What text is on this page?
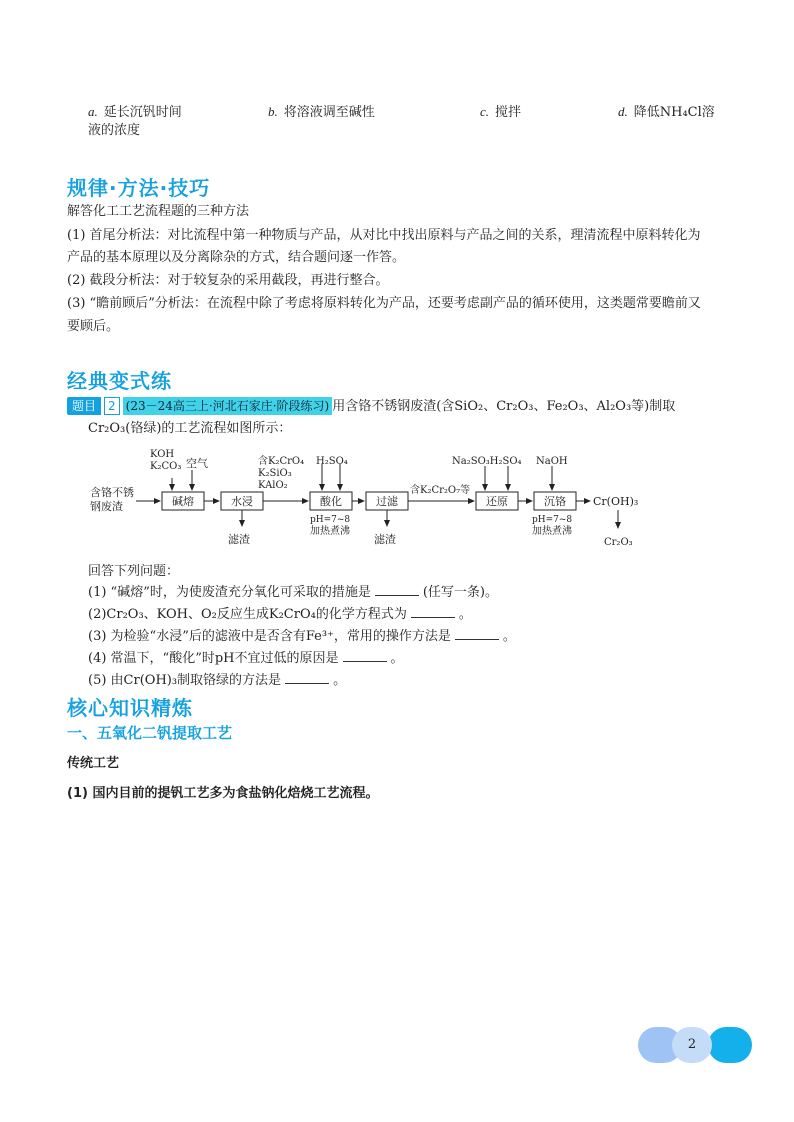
a. 延长沉钒时间	b. 将溶液调至碱性	c. 搅拌	d. 降低NH₄Cl溶
液的浓度
规律·方法·技巧
解答化工工艺流程题的三种方法
(1) 首尾分析法：对比流程中第一种物质与产品，从对比中找出原料与产品之间的关系，理清流程中原料转化为
产品的基本原理以及分离除杂的方式，结合题问逐一作答。
(2) 截段分析法：对于较复杂的采用截段，再进行整合。
(3) “瞻前顾后”分析法：在流程中除了考虑将原料转化为产品，还要考虑副产品的循环使用，这类题常要瞻前又
要顾后。
经典变式练
题目 2 (23－24高三上·河北石家庄·阶段练习) 用含铬不锈钢废渣(含SiO₂、Cr₂O₃、Fe₂O₃、Al₂O₃等)制取
Cr₂O₃(铬绿)的工艺流程如图所示：
含铬不锈
钢废渣	碱熔	水浸	酸化	过滤	还原	沉铬
KOH
K₂CO₃ 空气	含K₂CrO₄
K₂SiO₃
KAlO₂
H₂SO₄
含K₂Cr₂O₇等
Na₂SO₃H₂SO₄ NaOH
滤渣	滤渣
pH=7~8
加热煮沸
pH=7~8
加热煮沸
Cr(OH)₃
Cr₂O₃
回答下列问题：
(1) “碱熔”时，为使废渣充分氧化可采取的措施是	(任写一条)。
(2)Cr₂O₃、KOH、O₂反应生成K₂CrO₄的化学方程式为	。
(3) 为检验“水浸”后的滤液中是否含有Fe³⁺，常用的操作方法是	。
(4) 常温下，“酸化”时pH不宜过低的原因是	。
(5) 由Cr(OH)₃制取铬绿的方法是	。
核心知识精炼
一、五氧化二钒提取工艺
传统工艺
(1) 国内目前的提钒工艺多为食盐钠化焙烧工艺流程。
2
